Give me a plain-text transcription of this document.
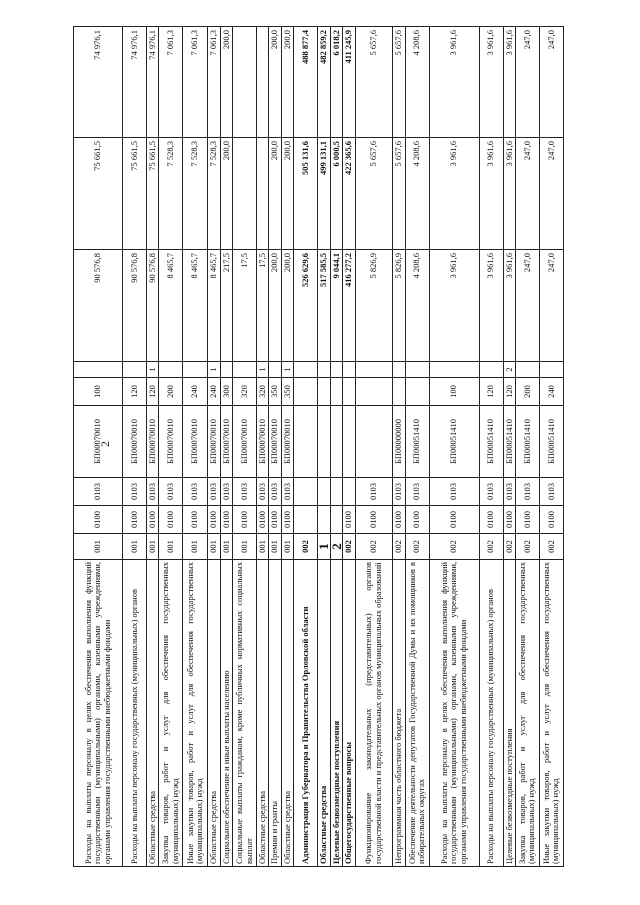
2
Расходы на выплаты персоналу в целях обеспечения выполнения функций государственными (муниципальными) органами, казенными учреждениями, органами управления государственными внебюджетными фондами	001	0100	0103	БП00070010	100		90 576,8	75 661,5	74 976,1
Расходы на выплаты персоналу государственных (муниципальных) органов	001	0100	0103	БП00070010	120		90 576,8	75 661,5	74 976,1
Областные средства	001	0100	0103	БП00070010	120	1	90 576,8	75 661,5	74 976,1
Закупка товаров, работ и услуг для обеспечения государственных (муниципальных) нужд	001	0100	0103	БП00070010	200		8 465,7	7 528,3	7 061,3
Иные закупки товаров, работ и услуг для обеспечения государственных (муниципальных) нужд	001	0100	0103	БП00070010	240		8 465,7	7 528,3	7 061,3
Областные средства	001	0100	0103	БП00070010	240	1	8 465,7	7 528,3	7 061,3
Социальное обеспечение и иные выплаты населению	001	0100	0103	БП00070010	300		217,5	200,0	200,0
Социальные выплаты гражданам, кроме публичных нормативных социальных выплат	001	0100	0103	БП00070010	320		17,5		
Областные средства	001	0100	0103	БП00070010	320	1	17,5		
Премии и гранты	001	0100	0103	БП00070010	350		200,0	200,0	200,0
Областные средства	001	0100	0103	БП00070010	350	1	200,0	200,0	200,0
Администрация Губернатора и Правительства Орловской области	002						526 629,6	505 131,6	488 877,4
Областные средства	1						517 585,5	499 131,1	482 859,2
Целевые безвозмездные поступления	2						9 044,1	6 000,5	6 018,2
Общегосударственные вопросы	002	0100					416 277,2	422 365,6	411 245,9
Функционирование законодательных (представительных) органов государственной власти и представительных органов муниципальных образований	002	0100	0103				5 826,9	5 657,6	5 657,6
Непрограммная часть областного бюджета	002	0100	0103	БП00000000			5 826,9	5 657,6	5 657,6
Обеспечение деятельности депутатов Государственной Думы и их помощников в избирательных округах	002	0100	0103	БП00051410			4 208,6	4 208,6	4 208,6
Расходы на выплаты персоналу в целях обеспечения выполнения функций государственными (муниципальными) органами, казенными учреждениями, органами управления государственными внебюджетными фондами	002	0100	0103	БП00051410	100		3 961,6	3 961,6	3 961,6
Расходы на выплаты персоналу государственных (муниципальных) органов	002	0100	0103	БП00051410	120		3 961,6	3 961,6	3 961,6
Целевые безвозмездные поступления	002	0100	0103	БП00051410	120	2	3 961,6	3 961,6	3 961,6
Закупка товаров, работ и услуг для обеспечения государственных (муниципальных) нужд	002	0100	0103	БП00051410	200		247,0	247,0	247,0
Иные закупки товаров, работ и услуг для обеспечения государственных (муниципальных) нужд	002	0100	0103	БП00051410	240		247,0	247,0	247,0
